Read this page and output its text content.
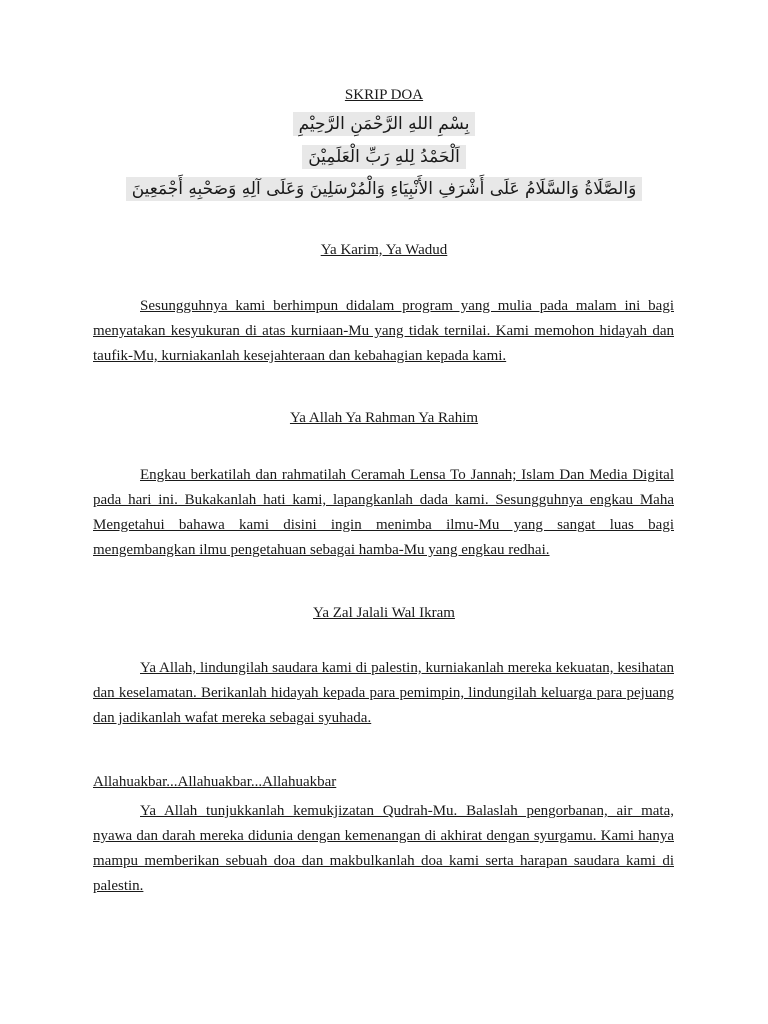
SKRIP DOA
بِسْمِ اللهِ الرَّحْمَنِ الرَّحِيْمِ
اَلْحَمْدُ لِلهِ رَبِّ الْعَلَمِيْنَ
وَالصَّلَاةُ وَالسَّلَامُ عَلَى أَشْرَفِ الأَنْبِيَاءِ وَالْمُرْسَلِينَ وَعَلَى آلِهِ وَصَحْبِهِ أَجْمَعِينَ
Ya Karim, Ya Wadud

Sesungguhnya kami berhimpun didalam program yang mulia pada malam ini bagi menyatakan kesyukuran di atas kurniaan-Mu yang tidak ternilai. Kami memohon hidayah dan taufik-Mu, kurniakanlah kesejahteraan dan kebahagian kepada kami.

Ya Allah Ya Rahman Ya Rahim

Engkau berkatilah dan rahmatilah Ceramah Lensa To Jannah; Islam Dan Media Digital pada hari ini. Bukakanlah hati kami, lapangkanlah dada kami. Sesungguhnya engkau Maha Mengetahui bahawa kami disini ingin menimba ilmu-Mu yang sangat luas bagi mengembangkan ilmu pengetahuan sebagai hamba-Mu yang engkau redhai.

Ya Zal Jalali Wal Ikram

Ya Allah, lindungilah saudara kami di palestin, kurniakanlah mereka kekuatan, kesihatan dan keselamatan. Berikanlah hidayah kepada para pemimpin, lindungilah keluarga para pejuang dan jadikanlah wafat mereka sebagai syuhada.

Allahuakbar...Allahuakbar...Allahuakbar

Ya Allah tunjukkanlah kemukjizatan Qudrah-Mu. Balaslah pengorbanan, air mata, nyawa dan darah mereka didunia dengan kemenangan di akhirat dengan syurgamu. Kami hanya mampu memberikan sebuah doa dan makbulkanlah doa kami serta harapan saudara kami di palestin.
